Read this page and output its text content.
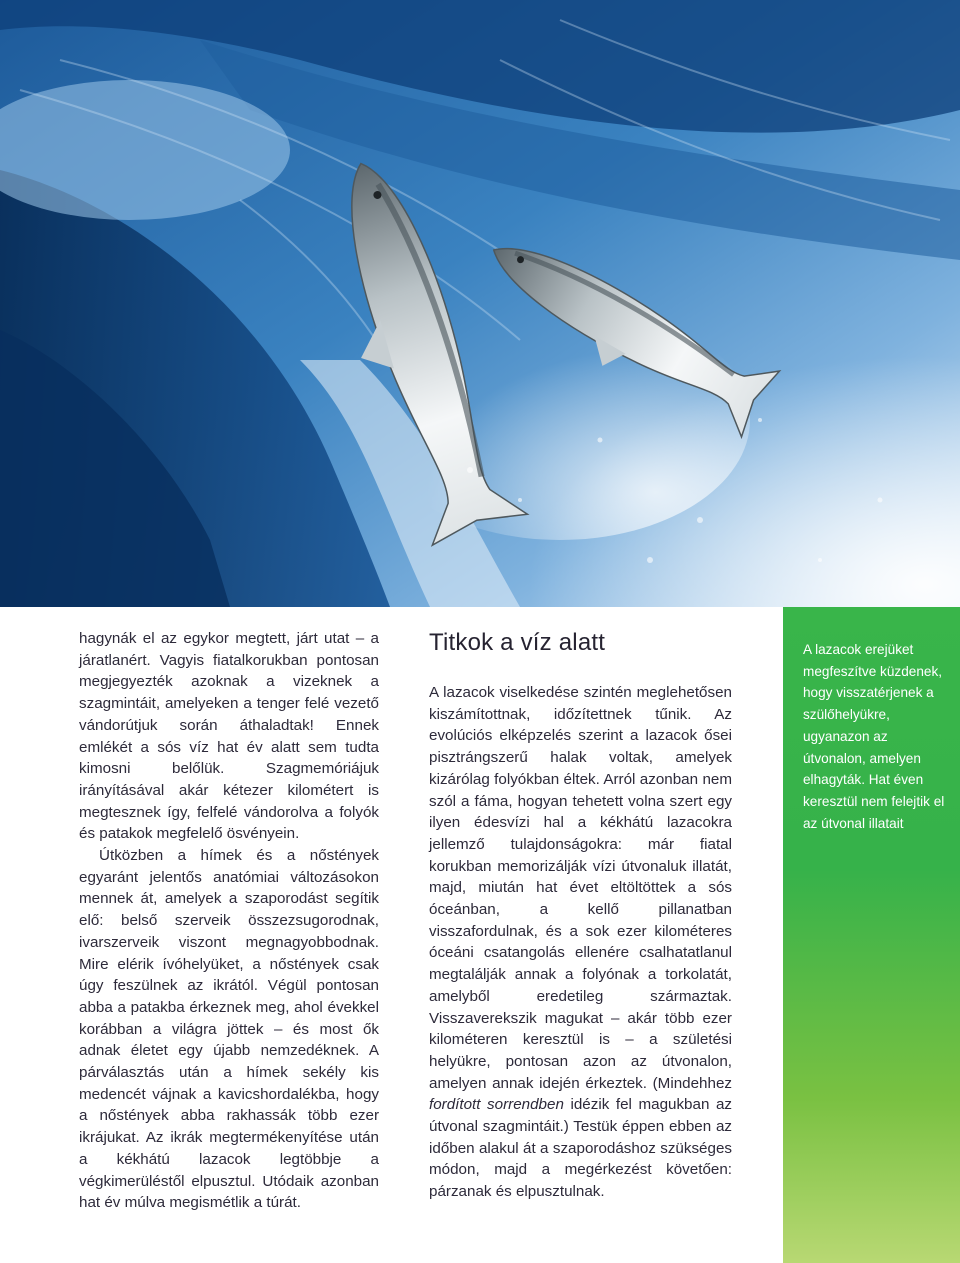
hagynák el az egykor megtett, járt utat – a járatlanért. Vagyis fiatalkorukban pontosan megjegyezték azoknak a vizeknek a szagmintáit, amelyeken a tenger felé vezető vándorútjuk során áthaladtak! Ennek emlékét a sós víz hat év alatt sem tudta kimosni belőlük. Szagmemóriájuk irányításával akár kétezer kilométert is megtesznek így, felfelé vándorolva a folyók és patakok megfelelő ösvényein.

Útközben a hímek és a nőstények egyaránt jelentős anatómiai változásokon mennek át, amelyek a szaporodást segítik elő: belső szerveik összezsugorodnak, ivarszerveik viszont megnagyobbodnak. Mire elérik ívóhelyüket, a nőstények csak úgy feszülnek az ikrától. Végül pontosan abba a patakba érkeznek meg, ahol évekkel korábban a világra jöttek – és most ők adnak életet egy újabb nemzedéknek. A párválasztás után a hímek sekély kis medencét vájnak a kavicshordalékba, hogy a nőstények abba rakhassák több ezer ikrájukat. Az ikrák megtermékenyítése után a kékhátú lazacok legtöbbje a végkimerüléstől elpusztul. Utódaik azonban hat év múlva megismétlik a túrát.

Titkok a víz alatt

A lazacok viselkedése szintén meglehetősen kiszámítottnak, időzítettnek tűnik. Az evolúciós elképzelés szerint a lazacok ősei pisztrángszerű halak voltak, amelyek kizárólag folyókban éltek. Arról azonban nem szól a fáma, hogyan tehetett volna szert egy ilyen édesvízi hal a kékhátú lazacokra jellemző tulajdonságokra: már fiatal korukban memorizálják vízi útvonaluk illatát, majd, miután hat évet eltöltöttek a sós óceánban, a kellő pillanatban visszafordulnak, és a sok ezer kilométeres óceáni csatangolás ellenére csalhatatlanul megtalálják annak a folyónak a torkolatát, amelyből eredetileg származtak. Visszaverekszik magukat – akár több ezer kilométeren keresztül is – a születési helyükre, pontosan azon az útvonalon, amelyen annak idején érkeztek. (Mindehhez fordított sorrendben idézik fel magukban az útvonal szagmintáit.) Testük éppen ebben az időben alakul át a szaporodáshoz szükséges módon, majd a megérkezést követően: párzanak és elpusztulnak.

A lazacok erejüket megfeszítve küzdenek, hogy visszatérjenek a szülőhelyükre, ugyanazon az útvonalon, amelyen elhagyták. Hat éven keresztül nem felejtik el az útvonal illatait
